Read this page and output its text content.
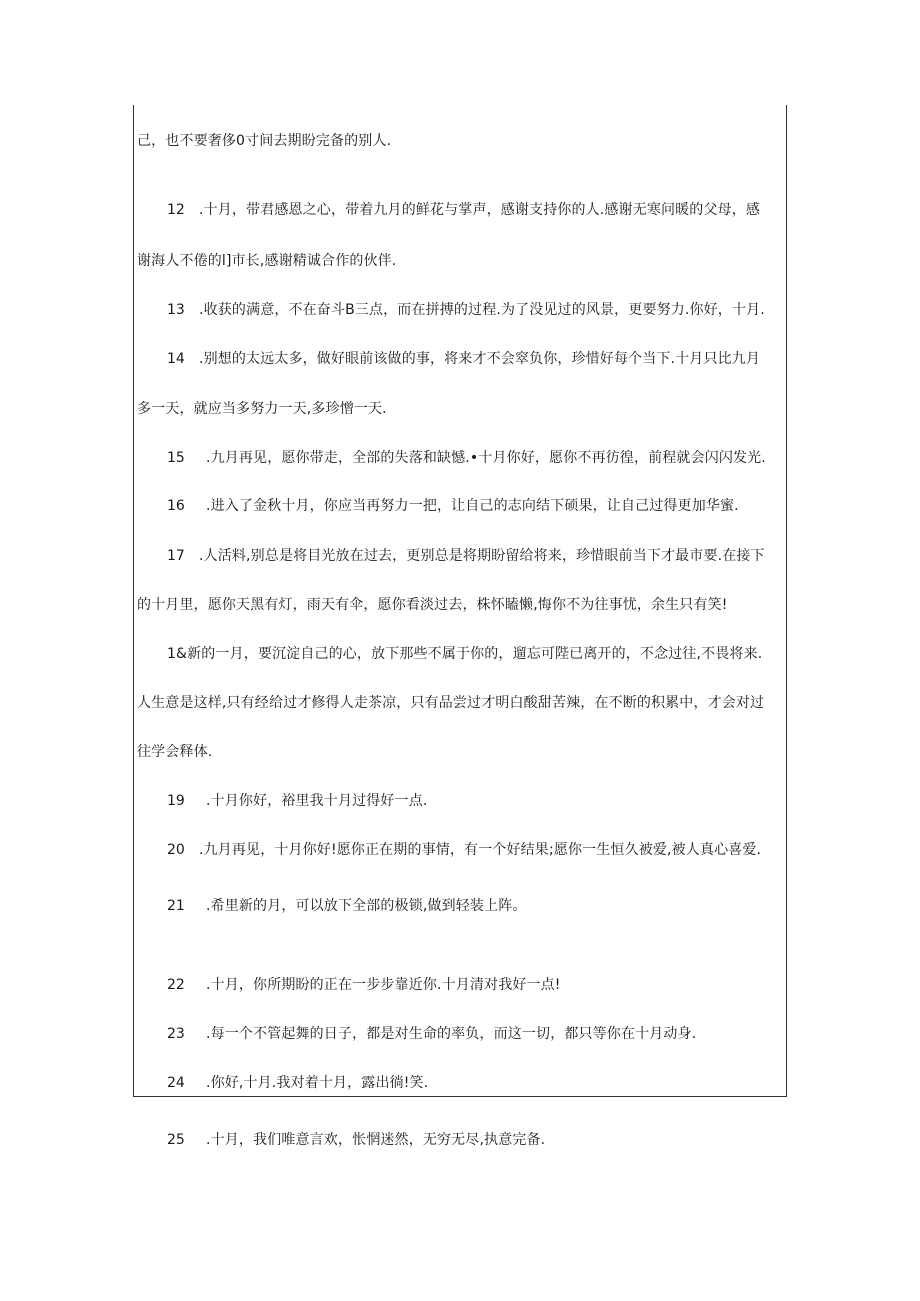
己，也不要奢侈0寸间去期盼完备的别人.
12 .十月，带君感恩之心，带着九月的鲜花与掌声，感谢支持你的人.感谢无寒问暖的父母，感
谢海人不倦的l]市长,感谢精诚合作的伙伴.
13 .收获的满意，不在奋斗B三点，而在拼搏的过程.为了没见过的风景，更要努力.你好，十月.
14 .别想的太远太多，做好眼前该做的事，将来才不会窣负你，珍惜好每个当下.十月只比九月
多一天，就应当多努力一天,多珍憎一天.
15 .九月再见，愿你带走，全部的失落和缺憾.•十月你好，愿你不再彷徨，前程就会闪闪发光.
16 .进入了金秋十月，你应当再努力一把，让自己的志向结下硕果，让自己过得更加华蜜.
17 .人活料,别总是将目光放在过去，更别总是将期盼留给将来，珍惜眼前当下才最市要.在接下
的十月里，愿你天黑有灯，雨天有伞，愿你看淡过去，株怀瞌懒,悔你不为往事忧，余生只有笑!
1&新的一月，要沉淀自己的心，放下那些不属于你的，遛忘可陛已离开的，不念过往,不畏将来.
人生意是这样,只有经给过才修得人走茶凉，只有品尝过才明白酸甜苦辣，在不断的积累中，才会对过
往学会释体.
19 .十月你好，裕里我十月过得好一点.
20 .九月再见，十月你好!愿你正在期的事情，有一个好结果;愿你一生恒久被爱,被人真心喜爱.
21 .希里新的月，可以放下全部的极锁,做到轻装上阵。
22 .十月，你所期盼的正在一步步靠近你.十月清对我好一点!
23 .每一个不管起舞的日子，都是对生命的率负，而这一切，都只等你在十月动身.
24 .你好,十月.我对着十月，露出徜!笑.
25 .十月，我们唯意言欢，怅惘迷然，无穷无尽,执意完备.
